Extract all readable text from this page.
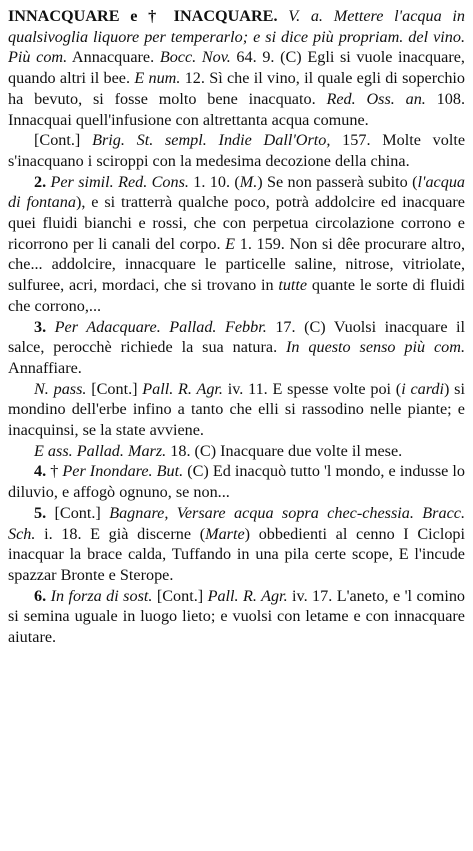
INNACQUARE e † INACQUARE. V. a. Mettere l'acqua in qualsivoglia liquore per temperarlo; e si dice più propriam. del vino. Più com. Annacquare. Bocc. Nov. 64. 9. (C) Egli si vuole inacquare, quando altri il bee. E num. 12. Sì che il vino, il quale egli di soperchio ha bevuto, si fosse molto bene inacquato. Red. Oss. an. 108. Innacquai quell'infusione con altrettanta acqua comune.

[Cont.] Brig. St. sempl. Indie Dall'Orto, 157. Molte volte s'inacquano i sciroppi con la medesima decozione della china.

2. Per simil. Red. Cons. 1. 10. (M.) Se non passerà subito (l'acqua di fontana), e si tratterrà qualche poco, potrà addolcire ed inacquare quei fluidi bianchi e rossi, che con perpetua circolazione corrono e ricorrono per li canali del corpo. E 1. 159. Non si dêe procurare altro, che... addolcire, innacquare le particelle saline, nitrose, vitriolate, sulfuree, acri, mordaci, che si trovano in tutte quante le sorte di fluidi che corrono,...

3. Per Adacquare. Pallad. Febbr. 17. (C) Vuolsi inacquare il salce, perocchè richiede la sua natura. In questo senso più com. Annaffiare.

N. pass. [Cont.] Pall. R. Agr. iv. 11. E spesse volte poi (i cardi) si mondino dell'erbe infino a tanto che elli si rassodino nelle piante; e inacquinsi, se la state avviene.

E ass. Pallad. Marz. 18. (C) Inacquare due volte il mese.

4. † Per Inondare. But. (C) Ed inacquò tutto 'l mondo, e indusse lo diluvio, e affogò ognuno, se non...

5. [Cont.] Bagnare, Versare acqua sopra chec-chessia. Bracc. Sch. i. 18. E già discerne (Marte) obbedienti al cenno I Ciclopi inacquar la brace calda, Tuffando in una pila certe scope, E l'incude spazzar Bronte e Sterope.

6. In forza di sost. [Cont.] Pall. R. Agr. iv. 17. L'aneto, e 'l comino si semina uguale in luogo lieto; e vuolsi con letame e con innacquare aiutare.
